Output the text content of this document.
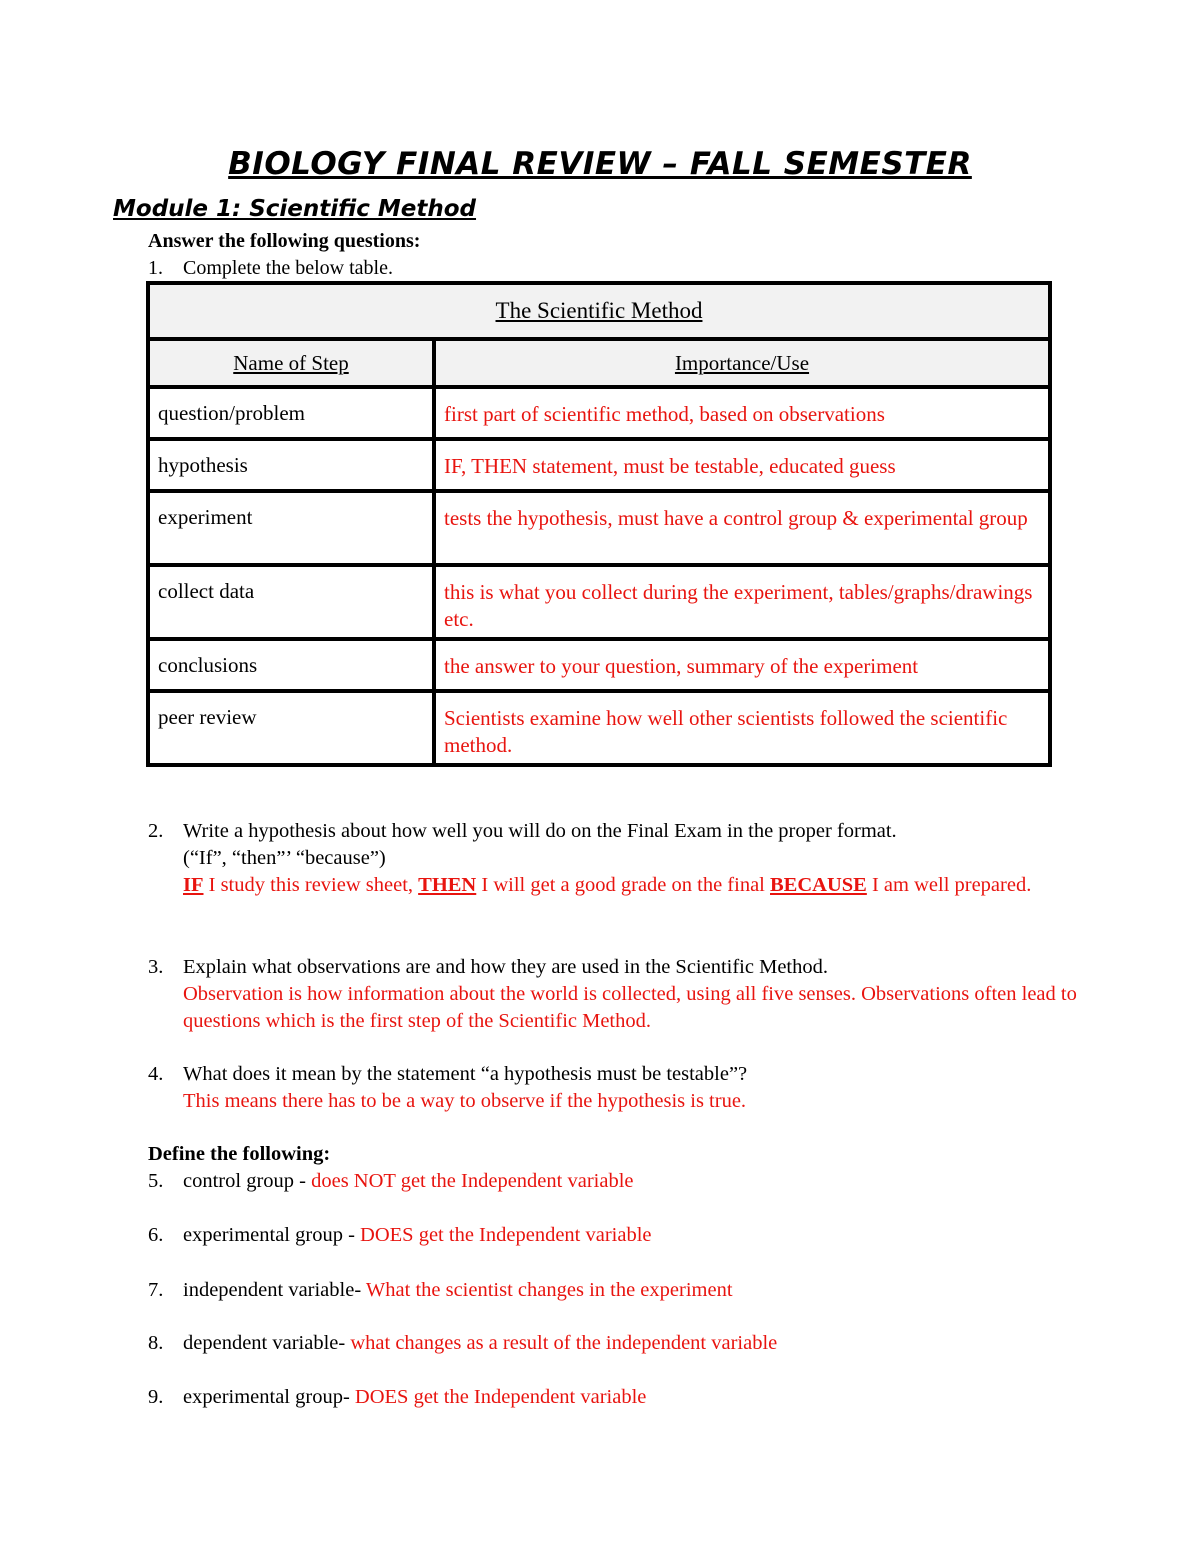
BIOLOGY FINAL REVIEW – FALL SEMESTER
Module 1: Scientific Method
Answer the following questions:
1. Complete the below table.
The Scientific Method	
Name of Step	Importance/Use
question/problem	first part of scientific method, based on observations
hypothesis	IF, THEN statement, must be testable, educated guess
experiment	tests the hypothesis, must have a control group & experimental group
collect data	this is what you collect during the experiment, tables/graphs/drawings etc.
conclusions	the answer to your question, summary of the experiment
peer review	Scientists examine how well other scientists followed the scientific method.
2. Write a hypothesis about how well you will do on the Final Exam in the proper format.
(“If”, “then”’ “because”)
IF I study this review sheet, THEN I will get a good grade on the final BECAUSE I am well prepared.
3. Explain what observations are and how they are used in the Scientific Method.
Observation is how information about the world is collected, using all five senses. Observations often lead to questions which is the first step of the Scientific Method.
4. What does it mean by the statement “a hypothesis must be testable”?
This means there has to be a way to observe if the hypothesis is true.
Define the following:
5. control group - does NOT get the Independent variable
6. experimental group - DOES get the Independent variable
7. independent variable- What the scientist changes in the experiment
8. dependent variable- what changes as a result of the independent variable
9. experimental group- DOES get the Independent variable
